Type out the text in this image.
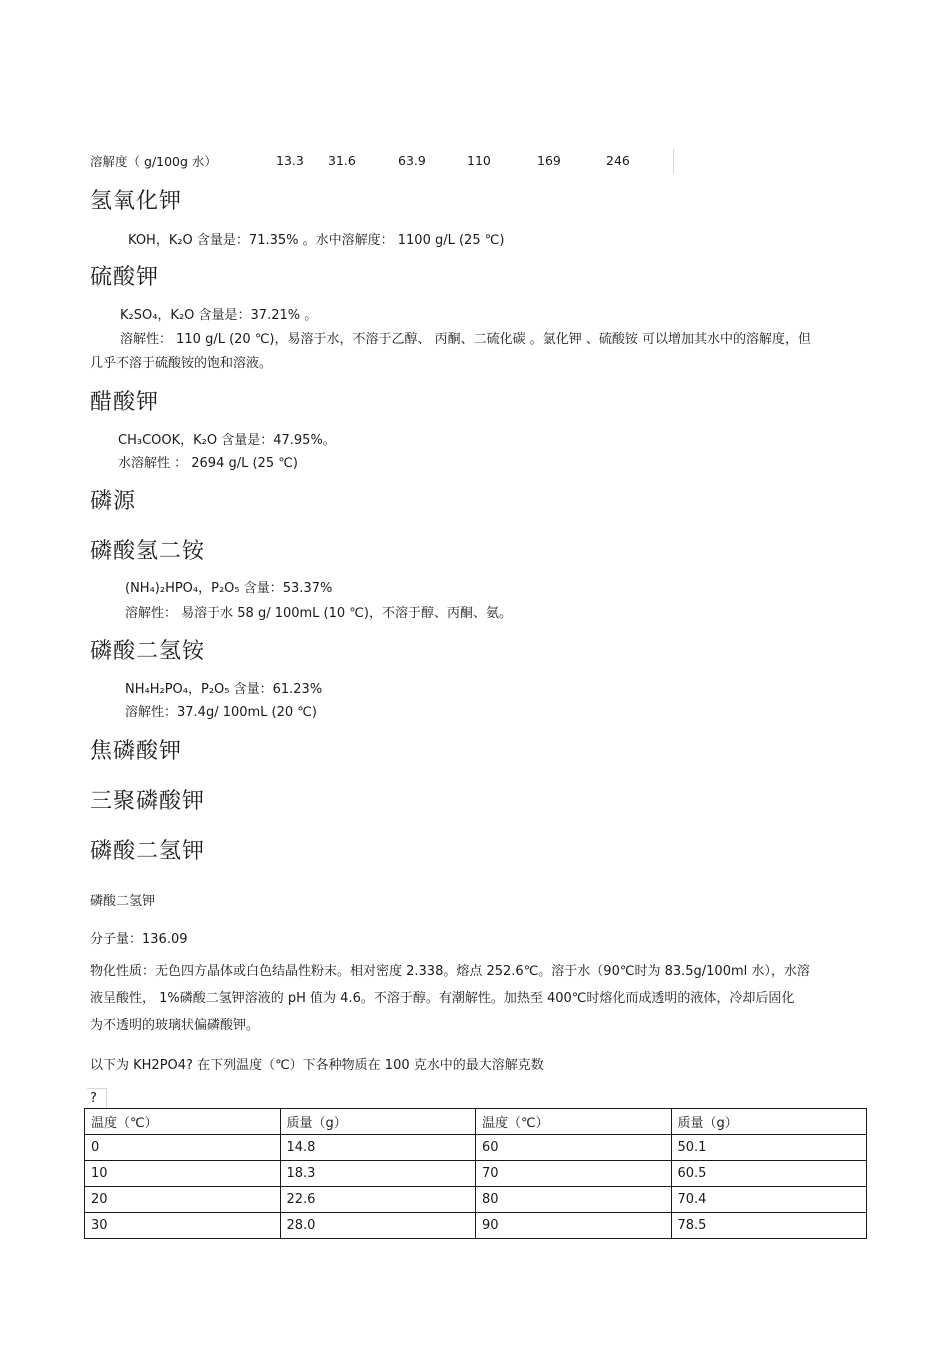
溶解度（ g/100g 水）	13.3 31.6	63.9	110	169	246
氢氧化钾
KOH，K₂O 含量是：71.35% 。水中溶解度： 1100 g/L (25 ℃)
硫酸钾
K₂SO₄，K₂O 含量是：37.21% 。
溶解性： 110 g/L (20 ℃)，易溶于水，不溶于乙醇、 丙酮、二硫化碳 。氯化钾 、硫酸铵 可以增加其水中的溶解度，但
几乎不溶于硫酸铵的饱和溶液。
醋酸钾
CH₃COOK，K₂O 含量是：47.95%。
水溶解性 ： 2694 g/L (25 ℃)
磷源
磷酸氢二铵
(NH₄)₂HPO₄，P₂O₅ 含量：53.37%
溶解性： 易溶于水 58 g/ 100mL (10 ℃)，不溶于醇、丙酮、氨。
磷酸二氢铵
NH₄H₂PO₄，P₂O₅ 含量：61.23%
溶解性：37.4g/ 100mL (20 ℃)
焦磷酸钾
三聚磷酸钾
磷酸二氢钾
磷酸二氢钾
分子量：136.09
物化性质：无色四方晶体或白色结晶性粉末。相对密度 2.338。熔点 252.6℃。溶于水（90℃时为 83.5g/100ml 水），水溶
液呈酸性， 1%磷酸二氢钾溶液的 pH 值为 4.6。不溶于醇。有潮解性。加热至 400℃时熔化而成透明的液体，冷却后固化
为不透明的玻璃状偏磷酸钾。
以下为 KH2PO4? 在下列温度（℃）下各种物质在 100 克水中的最大溶解克数
?
温度（℃）	质量（g）	温度（℃）	质量（g）
0	14.8	60	50.1
10	18.3	70	60.5
20	22.6	80	70.4
30	28.0	90	78.5
